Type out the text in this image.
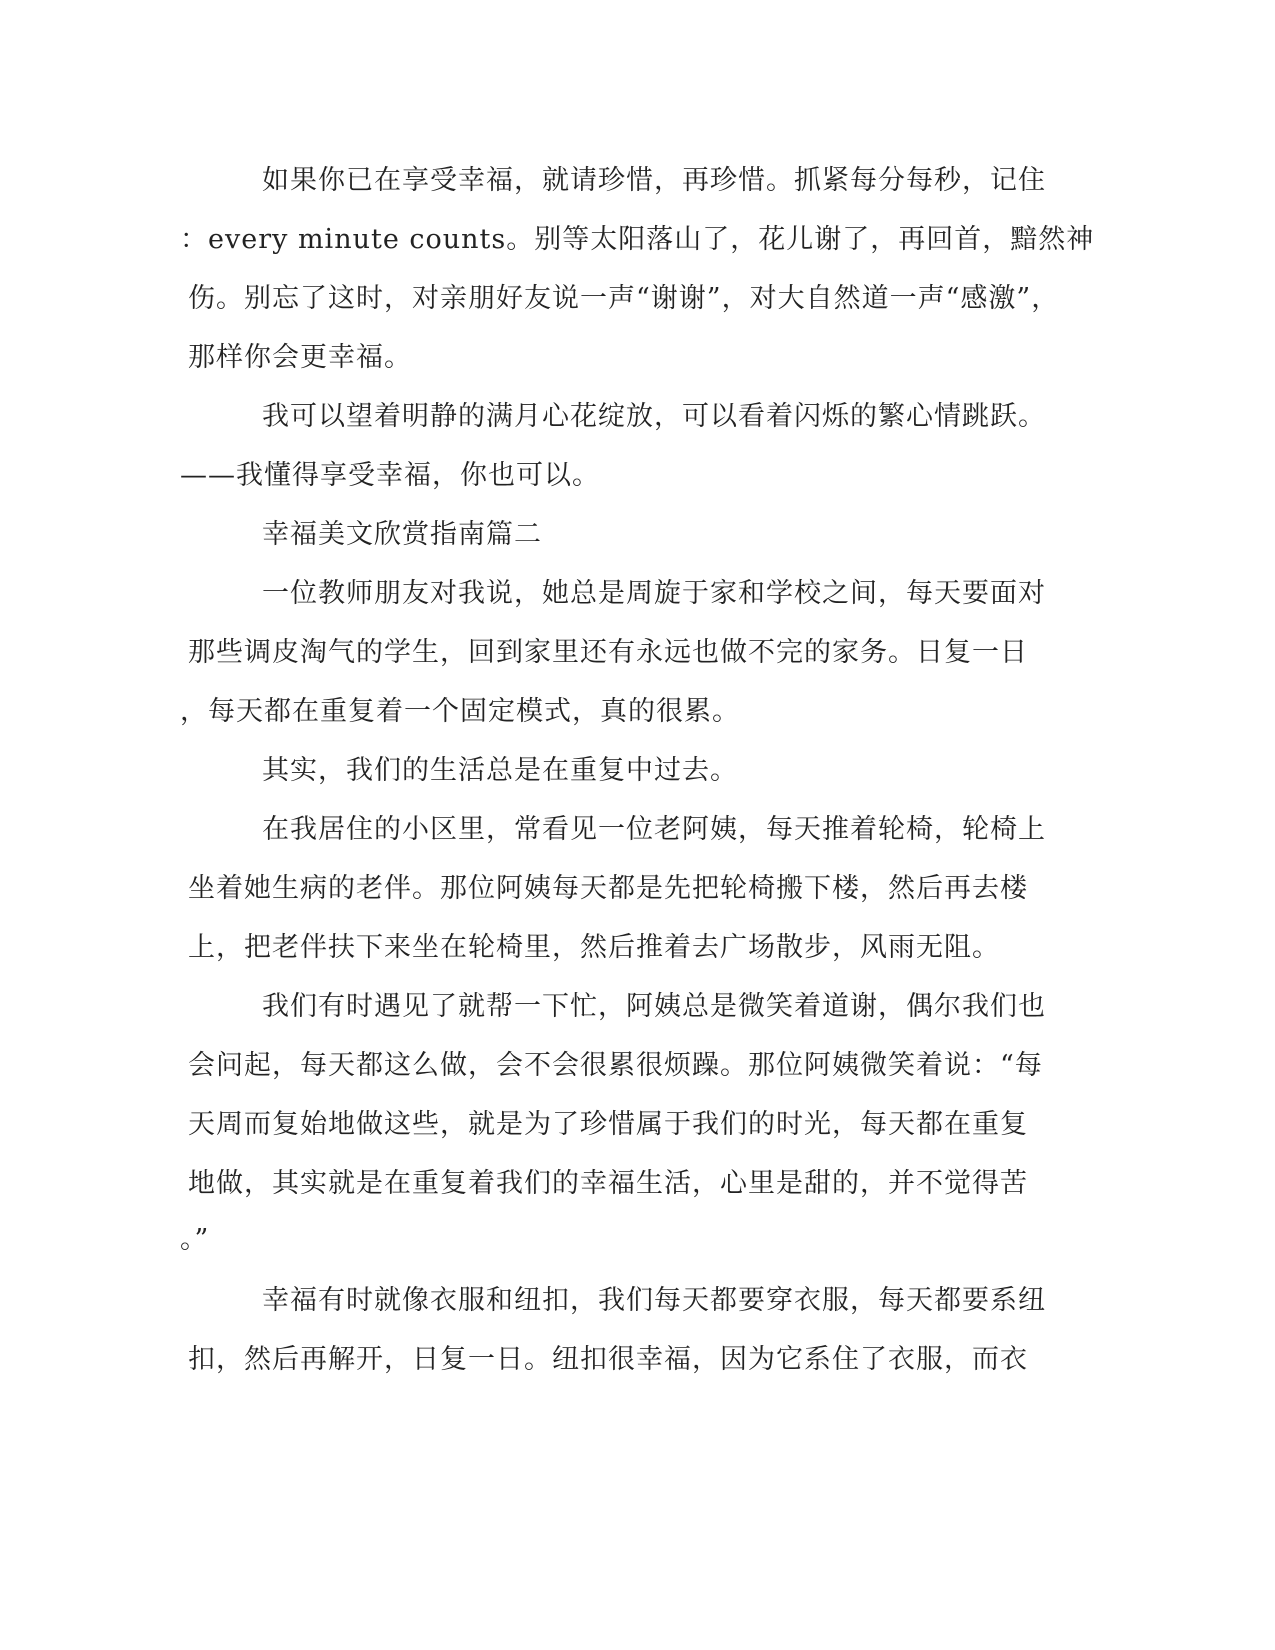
如果你已在享受幸福，就请珍惜，再珍惜。抓紧每分每秒，记住
：every minute counts。别等太阳落山了，花儿谢了，再回首，黯然神
伤。别忘了这时，对亲朋好友说一声“谢谢”，对大自然道一声“感激”，
那样你会更幸福。
我可以望着明静的满月心花绽放，可以看着闪烁的繁心情跳跃。
——我懂得享受幸福，你也可以。
幸福美文欣赏指南篇二
一位教师朋友对我说，她总是周旋于家和学校之间，每天要面对
那些调皮淘气的学生，回到家里还有永远也做不完的家务。日复一日
，每天都在重复着一个固定模式，真的很累。
其实，我们的生活总是在重复中过去。
在我居住的小区里，常看见一位老阿姨，每天推着轮椅，轮椅上
坐着她生病的老伴。那位阿姨每天都是先把轮椅搬下楼，然后再去楼
上，把老伴扶下来坐在轮椅里，然后推着去广场散步，风雨无阻。
我们有时遇见了就帮一下忙，阿姨总是微笑着道谢，偶尔我们也
会问起，每天都这么做，会不会很累很烦躁。那位阿姨微笑着说：“每
天周而复始地做这些，就是为了珍惜属于我们的时光，每天都在重复
地做，其实就是在重复着我们的幸福生活，心里是甜的，并不觉得苦
。”
幸福有时就像衣服和纽扣，我们每天都要穿衣服，每天都要系纽
扣，然后再解开，日复一日。纽扣很幸福，因为它系住了衣服，而衣
